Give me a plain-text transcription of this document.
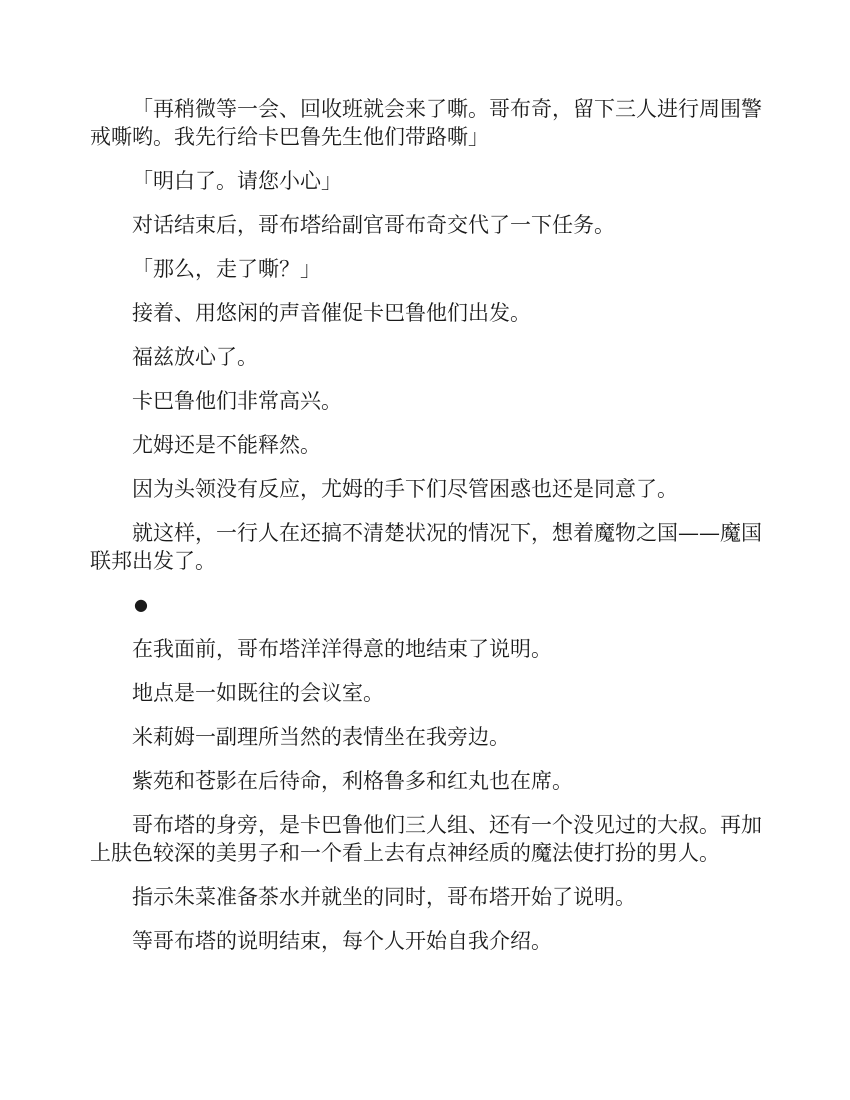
「再稍微等一会、回收班就会来了嘶。哥布奇，留下三人进行周围警戒嘶哟。我先行给卡巴鲁先生他们带路嘶」

「明白了。请您小心」

对话结束后，哥布塔给副官哥布奇交代了一下任务。

「那么，走了嘶？」

接着、用悠闲的声音催促卡巴鲁他们出发。

福兹放心了。

卡巴鲁他们非常高兴。

尤姆还是不能释然。

因为头领没有反应，尤姆的手下们尽管困惑也还是同意了。

就这样，一行人在还搞不清楚状况的情况下，想着魔物之国——魔国联邦出发了。

●

在我面前，哥布塔洋洋得意的地结束了说明。

地点是一如既往的会议室。

米莉姆一副理所当然的表情坐在我旁边。

紫苑和苍影在后待命，利格鲁多和红丸也在席。

哥布塔的身旁，是卡巴鲁他们三人组、还有一个没见过的大叔。再加上肤色较深的美男子和一个看上去有点神经质的魔法使打扮的男人。

指示朱菜准备茶水并就坐的同时，哥布塔开始了说明。

等哥布塔的说明结束，每个人开始自我介绍。
